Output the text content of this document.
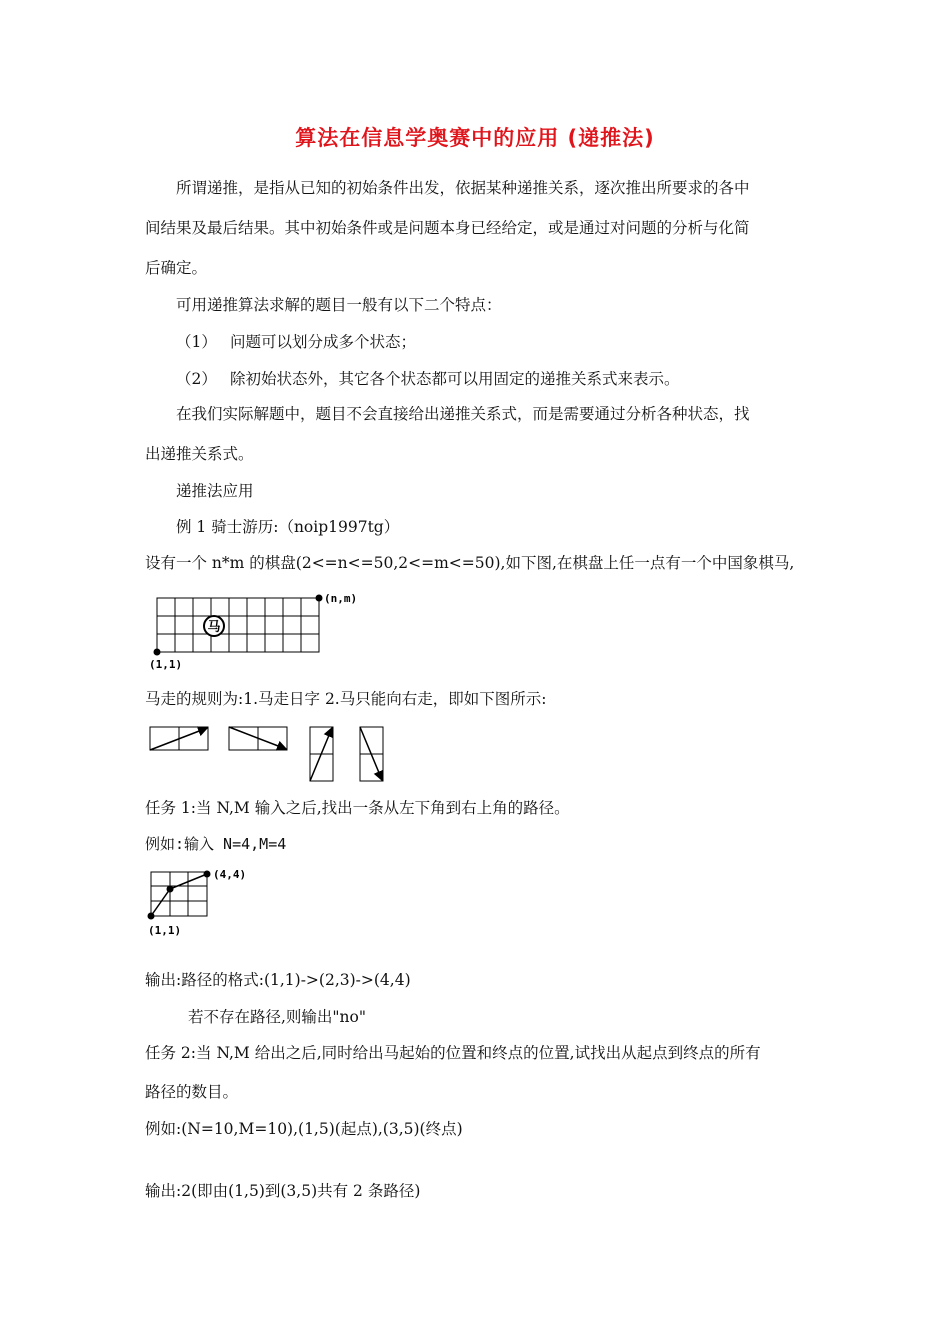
算法在信息学奥赛中的应用 (递推法)
所谓递推，是指从已知的初始条件出发，依据某种递推关系，逐次推出所要求的各中
间结果及最后结果。其中初始条件或是问题本身已经给定，或是通过对问题的分析与化简
后确定。
可用递推算法求解的题目一般有以下二个特点：
（1） 问题可以划分成多个状态；
（2） 除初始状态外，其它各个状态都可以用固定的递推关系式来表示。
在我们实际解题中，题目不会直接给出递推关系式，而是需要通过分析各种状态，找
出递推关系式。
递推法应用
例 1 骑士游历:（noip1997tg）
设有一个 n*m 的棋盘(2<=n<=50,2<=m<=50),如下图,在棋盘上任一点有一个中国象棋马,
马
(n,m)
(1,1)
马走的规则为:1.马走日字 2.马只能向右走，即如下图所示:
任务 1:当 N,M 输入之后,找出一条从左下角到右上角的路径。
例如:输入 N=4,M=4
(4,4)
(1,1)
输出:路径的格式:(1,1)->(2,3)->(4,4)
若不存在路径,则输出"no"
任务 2:当 N,M 给出之后,同时给出马起始的位置和终点的位置,试找出从起点到终点的所有
路径的数目。
例如:(N=10,M=10),(1,5)(起点),(3,5)(终点)
输出:2(即由(1,5)到(3,5)共有 2 条路径)
